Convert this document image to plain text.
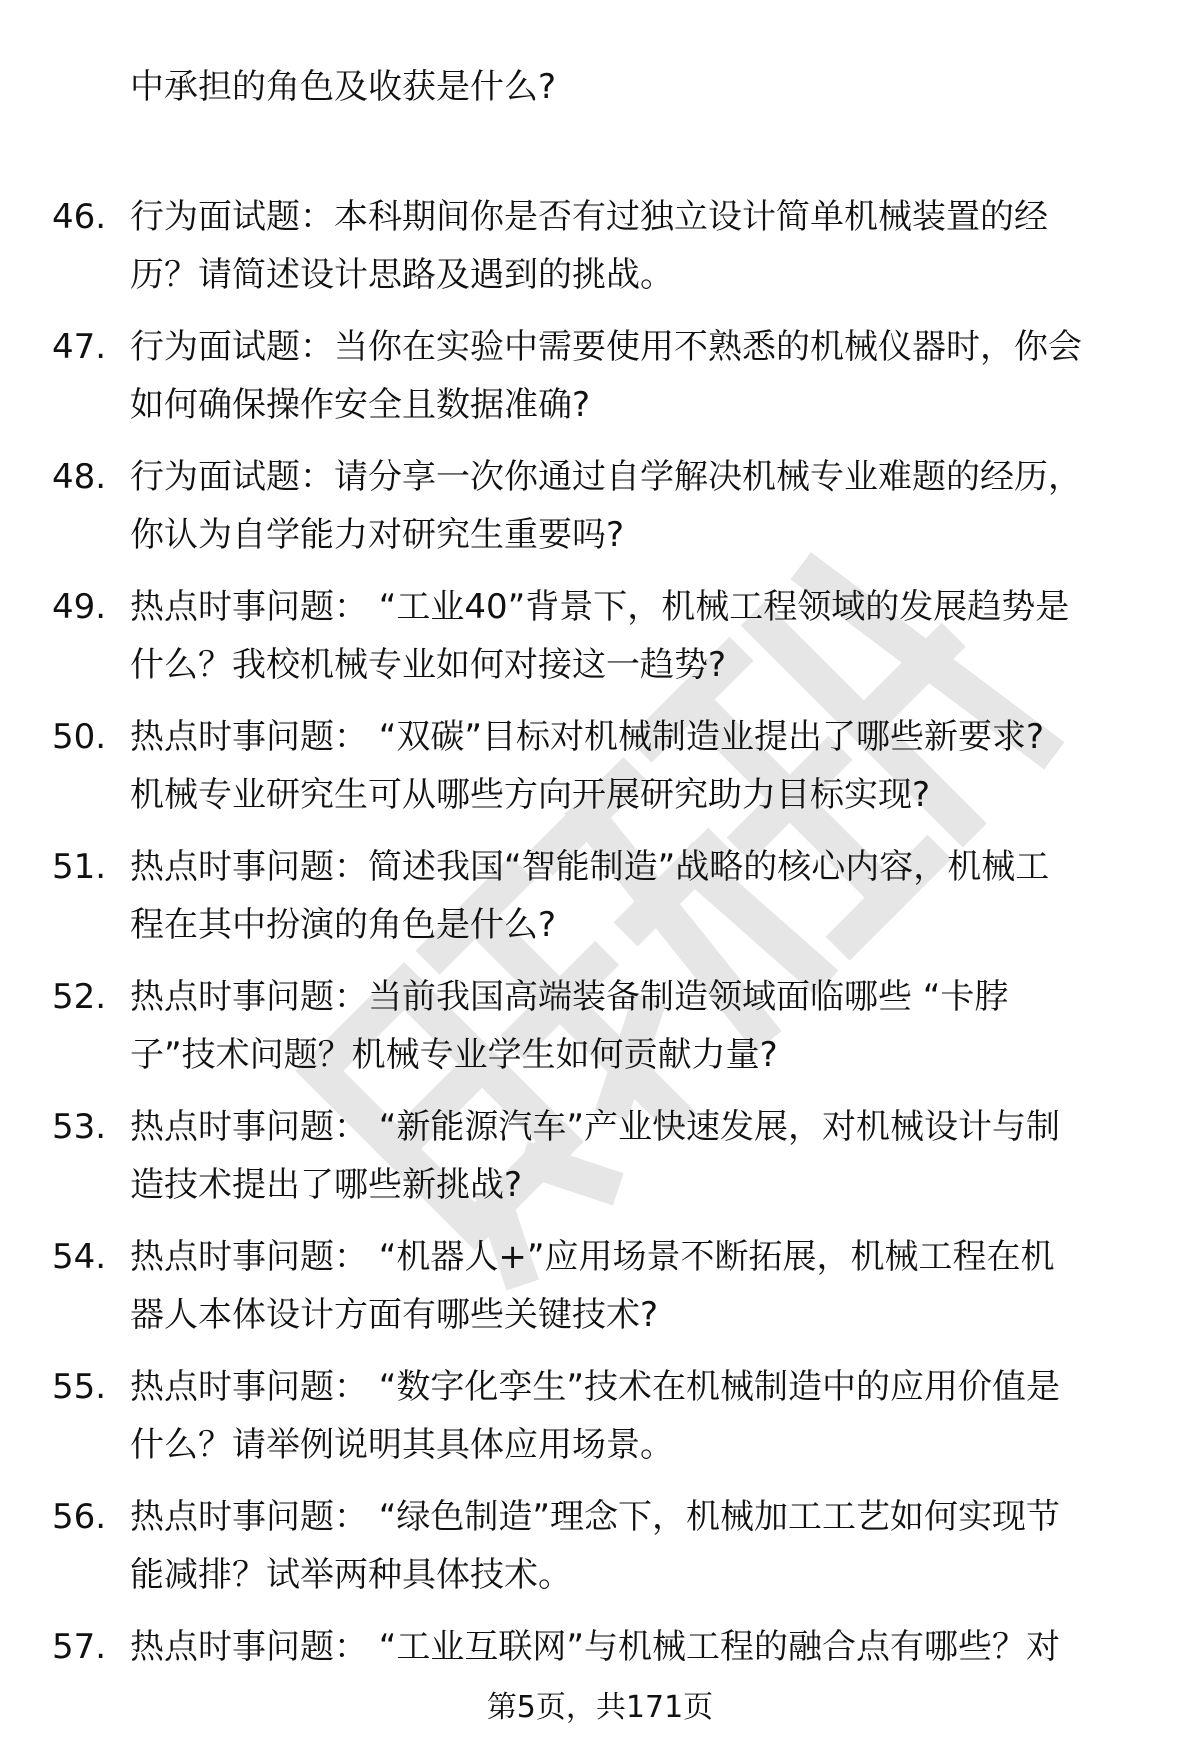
中承担的角色及收获是什么?
46. 行为面试题：本科期间你是否有过独立设计简单机械装置的经
历？请简述设计思路及遇到的挑战。
47. 行为面试题：当你在实验中需要使用不熟悉的机械仪器时，你会
如何确保操作安全且数据准确?
48. 行为面试题：请分享一次你通过自学解决机械专业难题的经历，
你认为自学能力对研究生重要吗?
49. 热点时事问题： “工业40”背景下，机械工程领域的发展趋势是
什么？我校机械专业如何对接这一趋势?
50. 热点时事问题： “双碳”目标对机械制造业提出了哪些新要求?
机械专业研究生可从哪些方向开展研究助力目标实现?
51. 热点时事问题：简述我国“智能制造”战略的核心内容，机械工
程在其中扮演的角色是什么?
52. 热点时事问题：当前我国高端装备制造领域面临哪些 “卡脖
子”技术问题？机械专业学生如何贡献力量?
53. 热点时事问题： “新能源汽车”产业快速发展，对机械设计与制
造技术提出了哪些新挑战?
54. 热点时事问题： “机器人+”应用场景不断拓展，机械工程在机
器人本体设计方面有哪些关键技术?
55. 热点时事问题： “数字化孪生”技术在机械制造中的应用价值是
什么？请举例说明其具体应用场景。
56. 热点时事问题： “绿色制造”理念下，机械加工工艺如何实现节
能减排？试举两种具体技术。
57. 热点时事问题： “工业互联网”与机械工程的融合点有哪些？对
第5页，共171页
